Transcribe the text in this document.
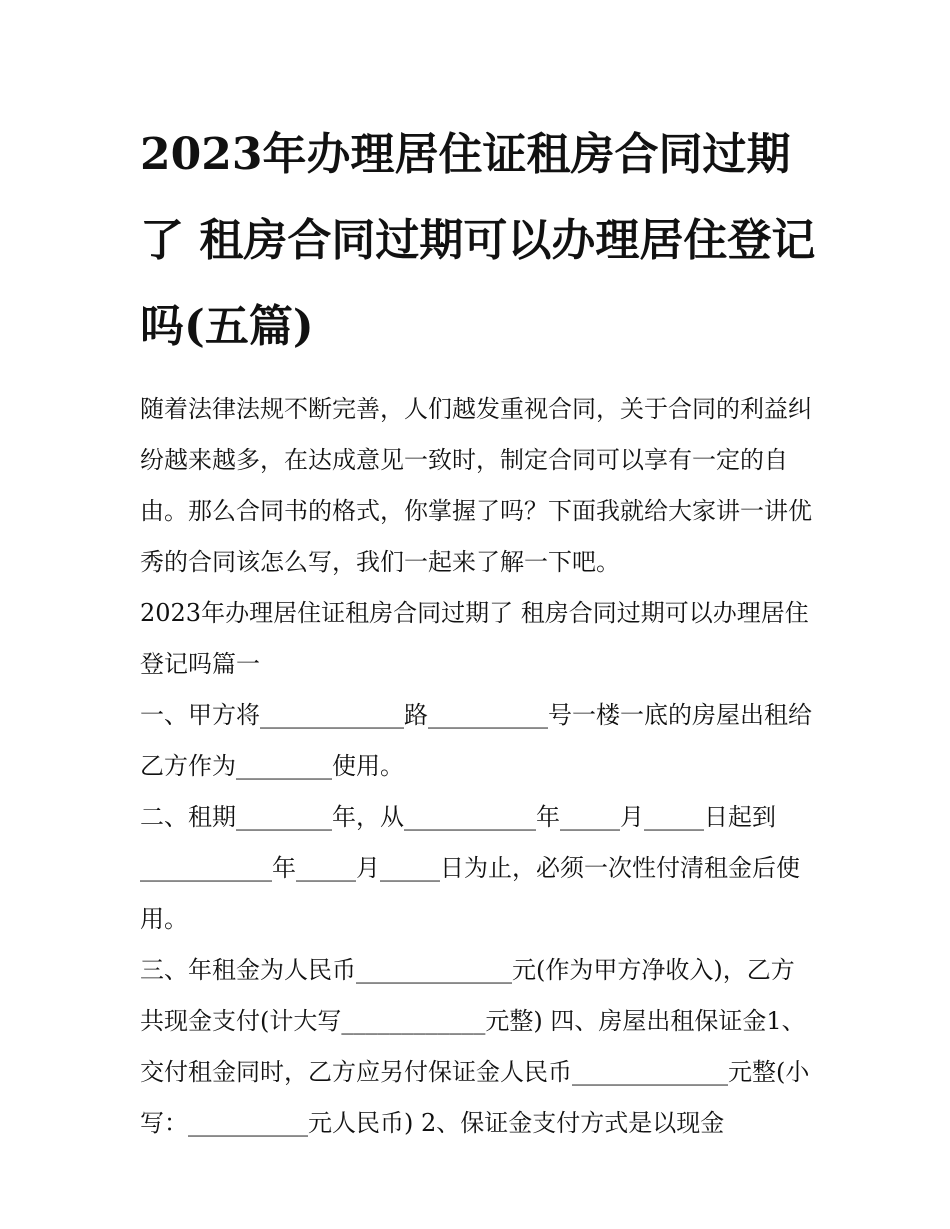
2023年办理居住证租房合同过期了 租房合同过期可以办理居住登记吗(五篇)

随着法律法规不断完善，人们越发重视合同，关于合同的利益纠纷越来越多，在达成意见一致时，制定合同可以享有一定的自由。那么合同书的格式，你掌握了吗？下面我就给大家讲一讲优秀的合同该怎么写，我们一起来了解一下吧。

2023年办理居住证租房合同过期了 租房合同过期可以办理居住登记吗篇一

一、甲方将____________路__________号一楼一底的房屋出租给乙方作为________使用。

二、租期________年，从___________年_____月_____日起到___________年_____月_____日为止，必须一次性付清租金后使用。

三、年租金为人民币_____________元(作为甲方净收入)，乙方共现金支付(计大写____________元整) 四、房屋出租保证金1、交付租金同时，乙方应另付保证金人民币_____________元整(小写：__________元人民币) 2、保证金支付方式是以现金
